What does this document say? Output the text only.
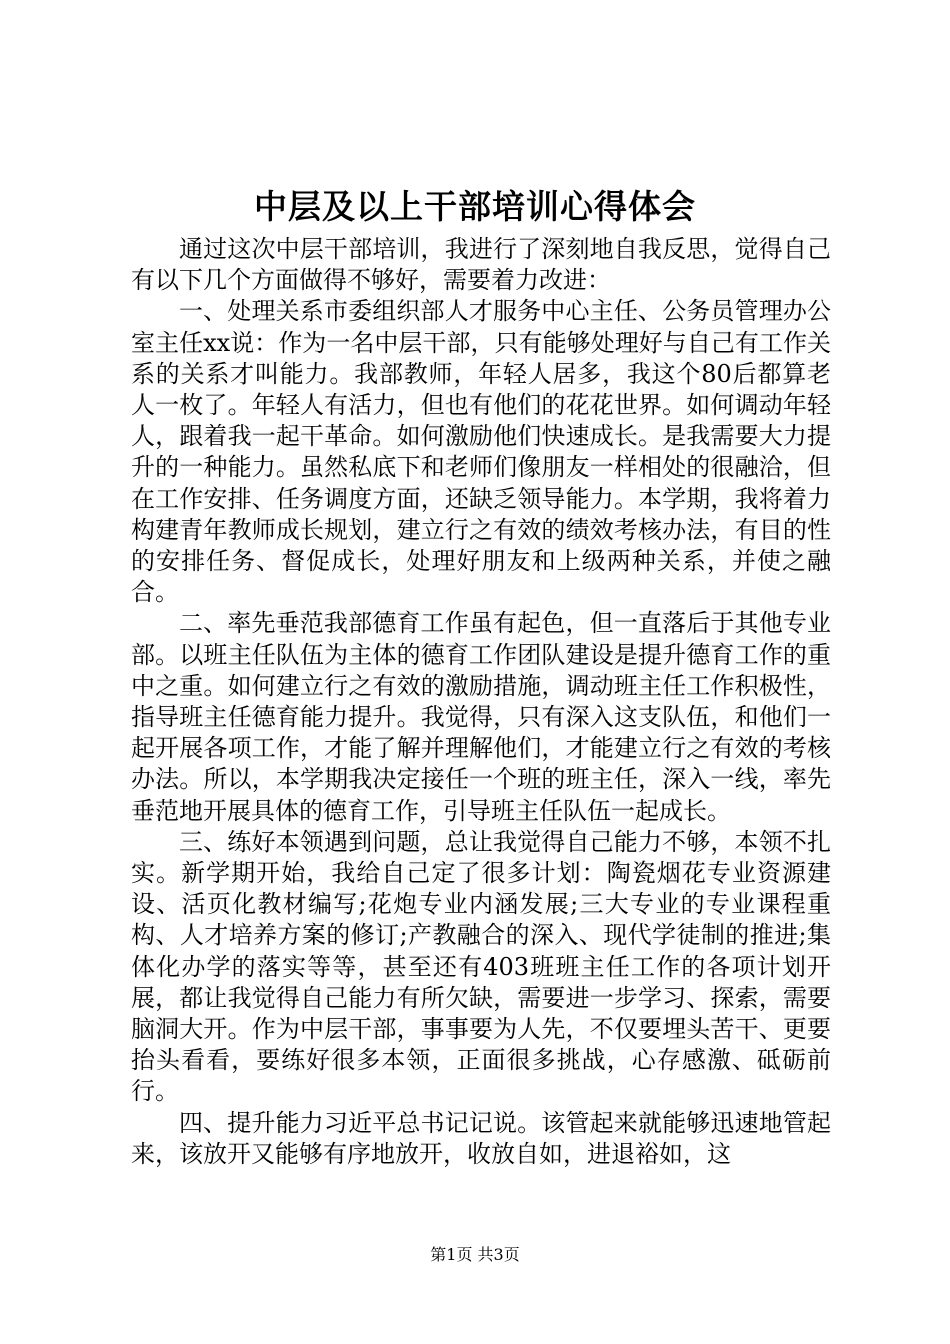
中层及以上干部培训心得体会

通过这次中层干部培训，我进行了深刻地自我反思，觉得自己有以下几个方面做得不够好，需要着力改进：

一、处理关系市委组织部人才服务中心主任、公务员管理办公室主任xx说：作为一名中层干部，只有能够处理好与自己有工作关系的关系才叫能力。我部教师，年轻人居多，我这个80后都算老人一枚了。年轻人有活力，但也有他们的花花世界。如何调动年轻人，跟着我一起干革命。如何激励他们快速成长。是我需要大力提升的一种能力。虽然私底下和老师们像朋友一样相处的很融洽，但在工作安排、任务调度方面，还缺乏领导能力。本学期，我将着力构建青年教师成长规划，建立行之有效的绩效考核办法，有目的性的安排任务、督促成长，处理好朋友和上级两种关系，并使之融合。

二、率先垂范我部德育工作虽有起色，但一直落后于其他专业部。以班主任队伍为主体的德育工作团队建设是提升德育工作的重中之重。如何建立行之有效的激励措施，调动班主任工作积极性，指导班主任德育能力提升。我觉得，只有深入这支队伍，和他们一起开展各项工作，才能了解并理解他们，才能建立行之有效的考核办法。所以，本学期我决定接任一个班的班主任，深入一线，率先垂范地开展具体的德育工作，引导班主任队伍一起成长。

三、练好本领遇到问题，总让我觉得自己能力不够，本领不扎实。新学期开始，我给自己定了很多计划：陶瓷烟花专业资源建设、活页化教材编写;花炮专业内涵发展;三大专业的专业课程重构、人才培养方案的修订;产教融合的深入、现代学徒制的推进;集体化办学的落实等等，甚至还有403班班主任工作的各项计划开展，都让我觉得自己能力有所欠缺，需要进一步学习、探索，需要脑洞大开。作为中层干部，事事要为人先，不仅要埋头苦干、更要抬头看看，要练好很多本领，正面很多挑战，心存感激、砥砺前行。

四、提升能力习近平总书记记说。该管起来就能够迅速地管起来，该放开又能够有序地放开，收放自如，进退裕如，这

第1页 共3页
